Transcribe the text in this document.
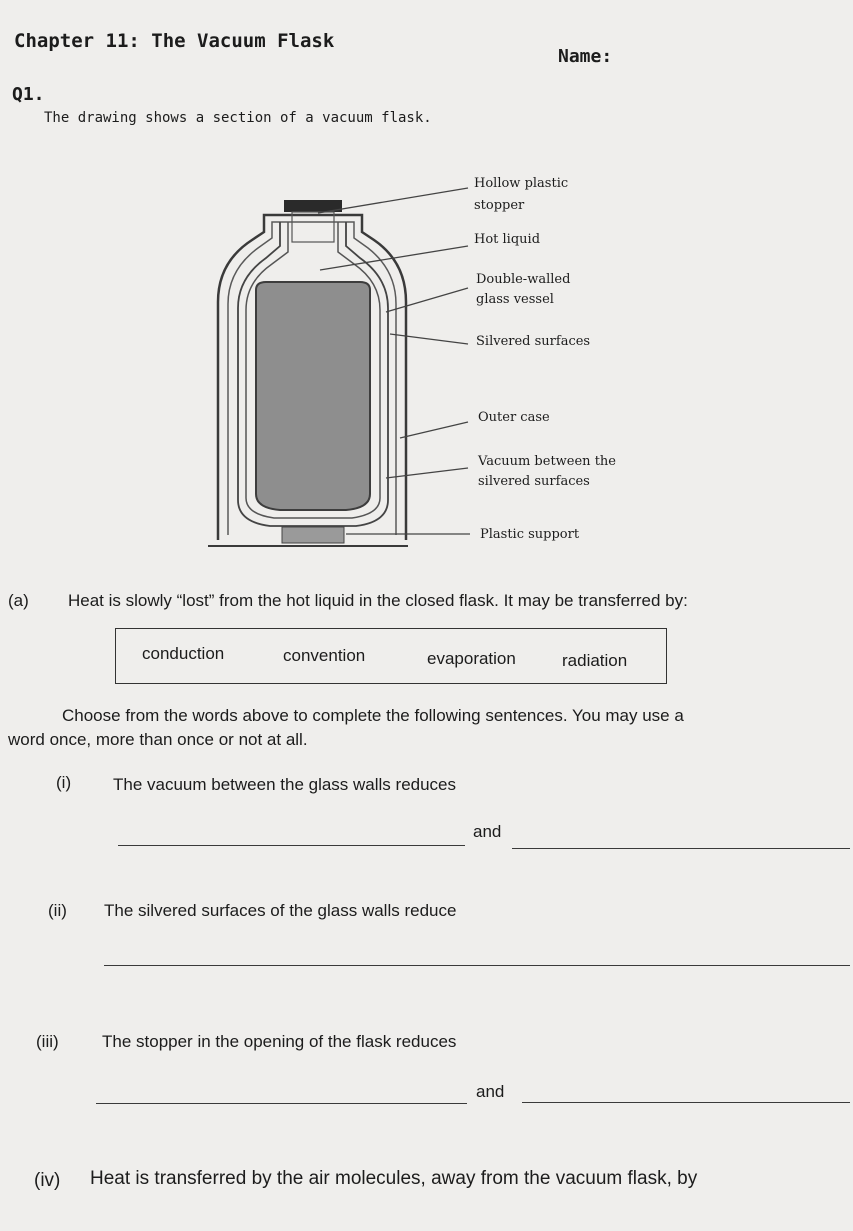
Chapter 11: The Vacuum Flask
Name:
Q1.
The drawing shows a section of a vacuum flask.
Hollow plastic
stopper
Hot liquid
Double-walled
glass vessel
Silvered surfaces
Outer case
Vacuum between the
silvered surfaces
Plastic support
(a) Heat is slowly “lost” from the hot liquid in the closed flask. It may be transferred by:
conduction	convention	evaporation	radiation
Choose from the words above to complete the following sentences. You may use a
word once, more than once or not at all.
(i) The vacuum between the glass walls reduces
and
(ii) The silvered surfaces of the glass walls reduce
(iii)	The stopper in the opening of the flask reduces
and
(iv) Heat is transferred by the air molecules, away from the vacuum flask, by
